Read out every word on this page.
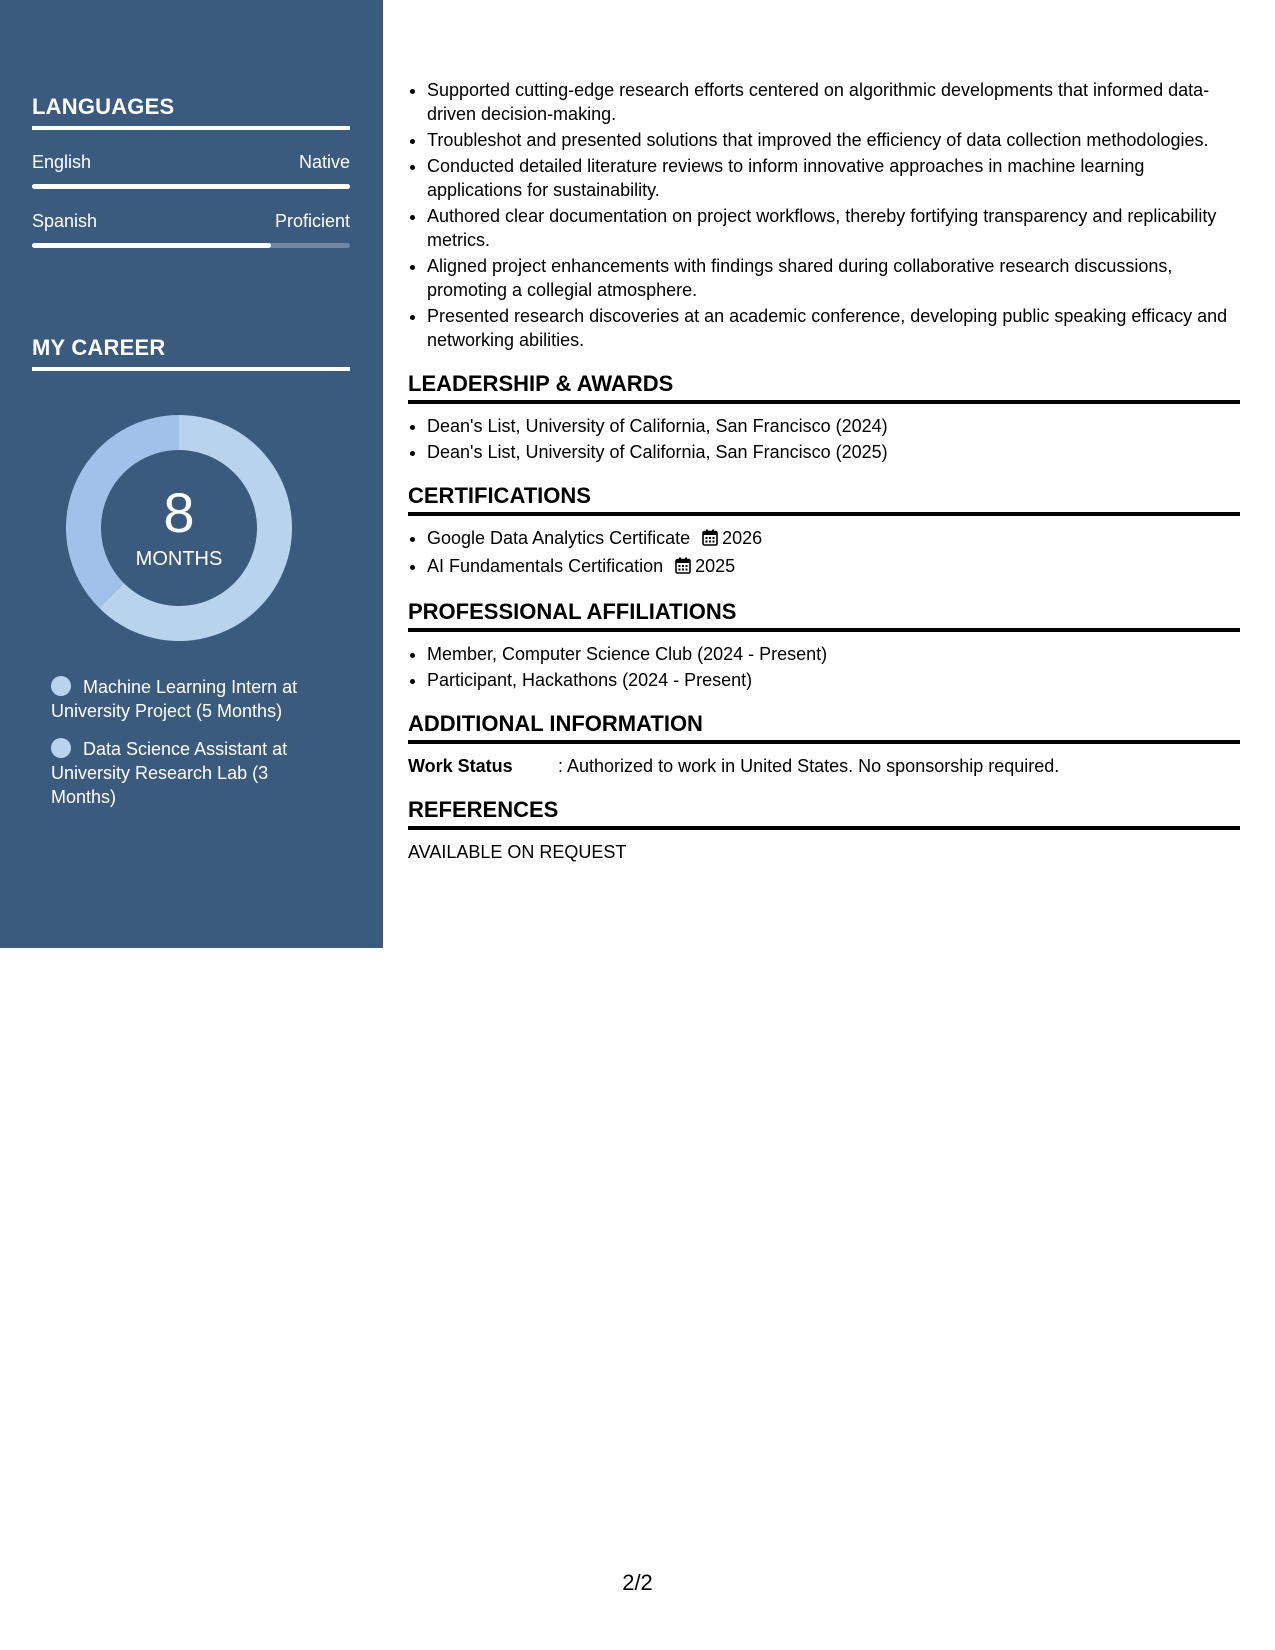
LANGUAGES
English	Native
Spanish	Proficient
MY CAREER
8
MONTHS
Machine Learning Intern at University Project (5 Months)
Data Science Assistant at University Research Lab (3 Months)
• Supported cutting-edge research efforts centered on algorithmic developments that informed data-driven decision-making.
• Troubleshot and presented solutions that improved the efficiency of data collection methodologies.
• Conducted detailed literature reviews to inform innovative approaches in machine learning applications for sustainability.
• Authored clear documentation on project workflows, thereby fortifying transparency and replicability metrics.
• Aligned project enhancements with findings shared during collaborative research discussions, promoting a collegial atmosphere.
• Presented research discoveries at an academic conference, developing public speaking efficacy and networking abilities.
LEADERSHIP & AWARDS
• Dean's List, University of California, San Francisco (2024)
• Dean's List, University of California, San Francisco (2025)
CERTIFICATIONS
• Google Data Analytics Certificate 2026
• AI Fundamentals Certification 2025
PROFESSIONAL AFFILIATIONS
• Member, Computer Science Club (2024 - Present)
• Participant, Hackathons (2024 - Present)
ADDITIONAL INFORMATION
Work Status	: Authorized to work in United States. No sponsorship required.
REFERENCES
AVAILABLE ON REQUEST
2/2
